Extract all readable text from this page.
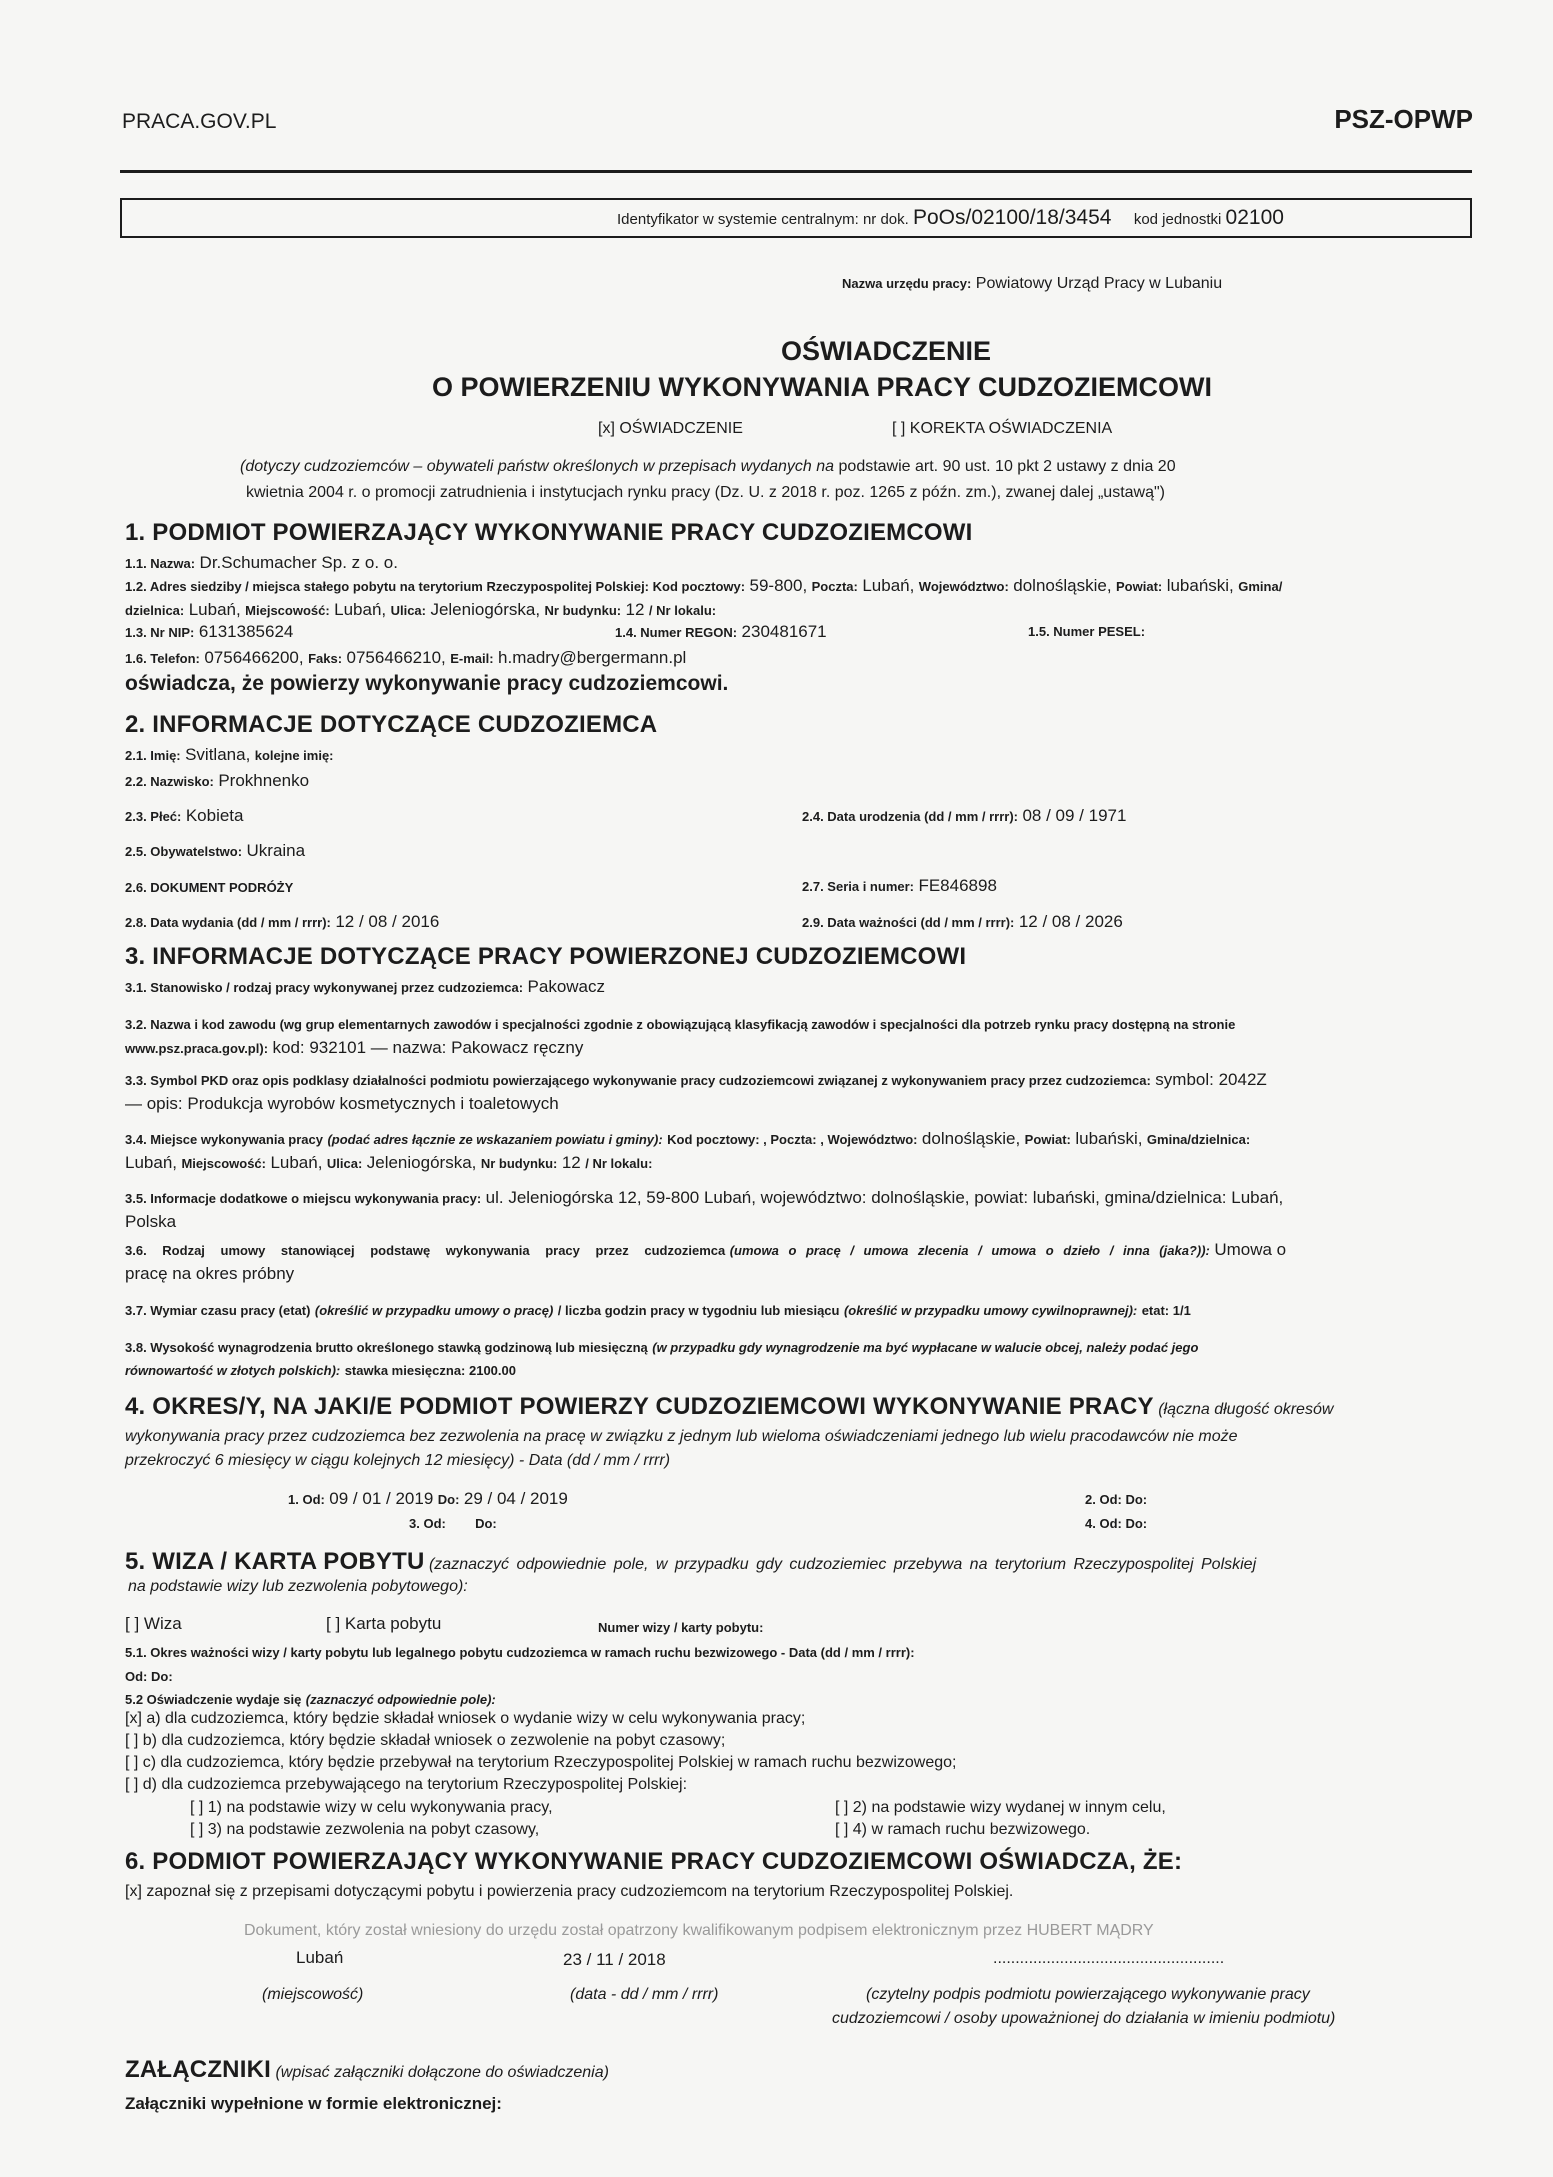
PRACA.GOV.PL	PSZ-OPWP
Identyfikator w systemie centralnym: nr dok. PoOs/02100/18/3454 kod jednostki 02100
Nazwa urzędu pracy: Powiatowy Urząd Pracy w Lubaniu
OŚWIADCZENIE
O POWIERZENIU WYKONYWANIA PRACY CUDZOZIEMCOWI
[x] OŚWIADCZENIE	[ ] KOREKTA OŚWIADCZENIA
(dotyczy cudzoziemców – obywateli państw określonych w przepisach wydanych na podstawie art. 90 ust. 10 pkt 2 ustawy z dnia 20
kwietnia 2004 r. o promocji zatrudnienia i instytucjach rynku pracy (Dz. U. z 2018 r. poz. 1265 z późn. zm.), zwanej dalej „ustawą")
1. PODMIOT POWIERZAJĄCY WYKONYWANIE PRACY CUDZOZIEMCOWI
1.1. Nazwa: Dr.Schumacher Sp. z o. o.
1.2. Adres siedziby / miejsca stałego pobytu na terytorium Rzeczypospolitej Polskiej: Kod pocztowy: 59-800, Poczta: Lubań, Województwo: dolnośląskie, Powiat: lubański, Gmina/
dzielnica: Lubań, Miejscowość: Lubań, Ulica: Jeleniogórska, Nr budynku: 12 / Nr lokalu:
1.3. Nr NIP: 6131385624	1.4. Numer REGON: 230481671	1.5. Numer PESEL:
1.6. Telefon: 0756466200, Faks: 0756466210, E-mail: h.madry@bergermann.pl
oświadcza, że powierzy wykonywanie pracy cudzoziemcowi.
2. INFORMACJE DOTYCZĄCE CUDZOZIEMCA
2.1. Imię: Svitlana, kolejne imię:
2.2. Nazwisko: Prokhnenko
2.3. Płeć: Kobieta	2.4. Data urodzenia (dd / mm / rrrr): 08 / 09 / 1971
2.5. Obywatelstwo: Ukraina
2.6. DOKUMENT PODRÓŻY	2.7. Seria i numer: FE846898
2.8. Data wydania (dd / mm / rrrr): 12 / 08 / 2016	2.9. Data ważności (dd / mm / rrrr): 12 / 08 / 2026
3. INFORMACJE DOTYCZĄCE PRACY POWIERZONEJ CUDZOZIEMCOWI
3.1. Stanowisko / rodzaj pracy wykonywanej przez cudzoziemca: Pakowacz
3.2. Nazwa i kod zawodu (wg grup elementarnych zawodów i specjalności zgodnie z obowiązującą klasyfikacją zawodów i specjalności dla potrzeb rynku pracy dostępną na stronie
www.psz.praca.gov.pl): kod: 932101 — nazwa: Pakowacz ręczny
3.3. Symbol PKD oraz opis podklasy działalności podmiotu powierzającego wykonywanie pracy cudzoziemcowi związanej z wykonywaniem pracy przez cudzoziemca: symbol: 2042Z
— opis: Produkcja wyrobów kosmetycznych i toaletowych
3.4. Miejsce wykonywania pracy (podać adres łącznie ze wskazaniem powiatu i gminy): Kod pocztowy: , Poczta: , Województwo: dolnośląskie, Powiat: lubański, Gmina/dzielnica:
Lubań, Miejscowość: Lubań, Ulica: Jeleniogórska, Nr budynku: 12 / Nr lokalu:
3.5. Informacje dodatkowe o miejscu wykonywania pracy: ul. Jeleniogórska 12, 59-800 Lubań, województwo: dolnośląskie, powiat: lubański, gmina/dzielnica: Lubań,
Polska
3.6. Rodzaj umowy stanowiącej podstawę wykonywania pracy przez cudzoziemca (umowa o pracę / umowa zlecenia / umowa o dzieło / inna (jaka?)): Umowa o
pracę na okres próbny
3.7. Wymiar czasu pracy (etat) (określić w przypadku umowy o pracę) / liczba godzin pracy w tygodniu lub miesiącu (określić w przypadku umowy cywilnoprawnej): etat: 1/1
3.8. Wysokość wynagrodzenia brutto określonego stawką godzinową lub miesięczną (w przypadku gdy wynagrodzenie ma być wypłacane w walucie obcej, należy podać jego
równowartość w złotych polskich): stawka miesięczna: 2100.00
4. OKRES/Y, NA JAKI/E PODMIOT POWIERZY CUDZOZIEMCOWI WYKONYWANIE PRACY (łączna długość okresów
wykonywania pracy przez cudzoziemca bez zezwolenia na pracę w związku z jednym lub wieloma oświadczeniami jednego lub wielu pracodawców nie może
przekroczyć 6 miesięcy w ciągu kolejnych 12 miesięcy) - Data (dd / mm / rrrr)
1. Od: 09 / 01 / 2019 Do: 29 / 04 / 2019	2. Od: Do:
3. Od: Do:	4. Od: Do:
5. WIZA / KARTA POBYTU (zaznaczyć odpowiednie pole, w przypadku gdy cudzoziemiec przebywa na terytorium Rzeczypospolitej Polskiej
na podstawie wizy lub zezwolenia pobytowego):
[ ] Wiza	[ ] Karta pobytu	Numer wizy / karty pobytu:
5.1. Okres ważności wizy / karty pobytu lub legalnego pobytu cudzoziemca w ramach ruchu bezwizowego - Data (dd / mm / rrrr):
Od: Do:
5.2 Oświadczenie wydaje się (zaznaczyć odpowiednie pole):
[x] a) dla cudzoziemca, który będzie składał wniosek o wydanie wizy w celu wykonywania pracy;
[ ] b) dla cudzoziemca, który będzie składał wniosek o zezwolenie na pobyt czasowy;
[ ] c) dla cudzoziemca, który będzie przebywał na terytorium Rzeczypospolitej Polskiej w ramach ruchu bezwizowego;
[ ] d) dla cudzoziemca przebywającego na terytorium Rzeczypospolitej Polskiej:
[ ] 1) na podstawie wizy w celu wykonywania pracy,	[ ] 2) na podstawie wizy wydanej w innym celu,
[ ] 3) na podstawie zezwolenia na pobyt czasowy,	[ ] 4) w ramach ruchu bezwizowego.
6. PODMIOT POWIERZAJĄCY WYKONYWANIE PRACY CUDZOZIEMCOWI OŚWIADCZA, ŻE:
[x] zapoznał się z przepisami dotyczącymi pobytu i powierzenia pracy cudzoziemcom na terytorium Rzeczypospolitej Polskiej.
Dokument, który został wniesiony do urzędu został opatrzony kwalifikowanym podpisem elektronicznym przez HUBERT MĄDRY
Lubań	23 / 11 / 2018	....................................................
(miejscowość)	(data - dd / mm / rrrr)	(czytelny podpis podmiotu powierzającego wykonywanie pracy
cudzoziemcowi / osoby upoważnionej do działania w imieniu podmiotu)
ZAŁĄCZNIKI (wpisać załączniki dołączone do oświadczenia)
Załączniki wypełnione w formie elektronicznej:
